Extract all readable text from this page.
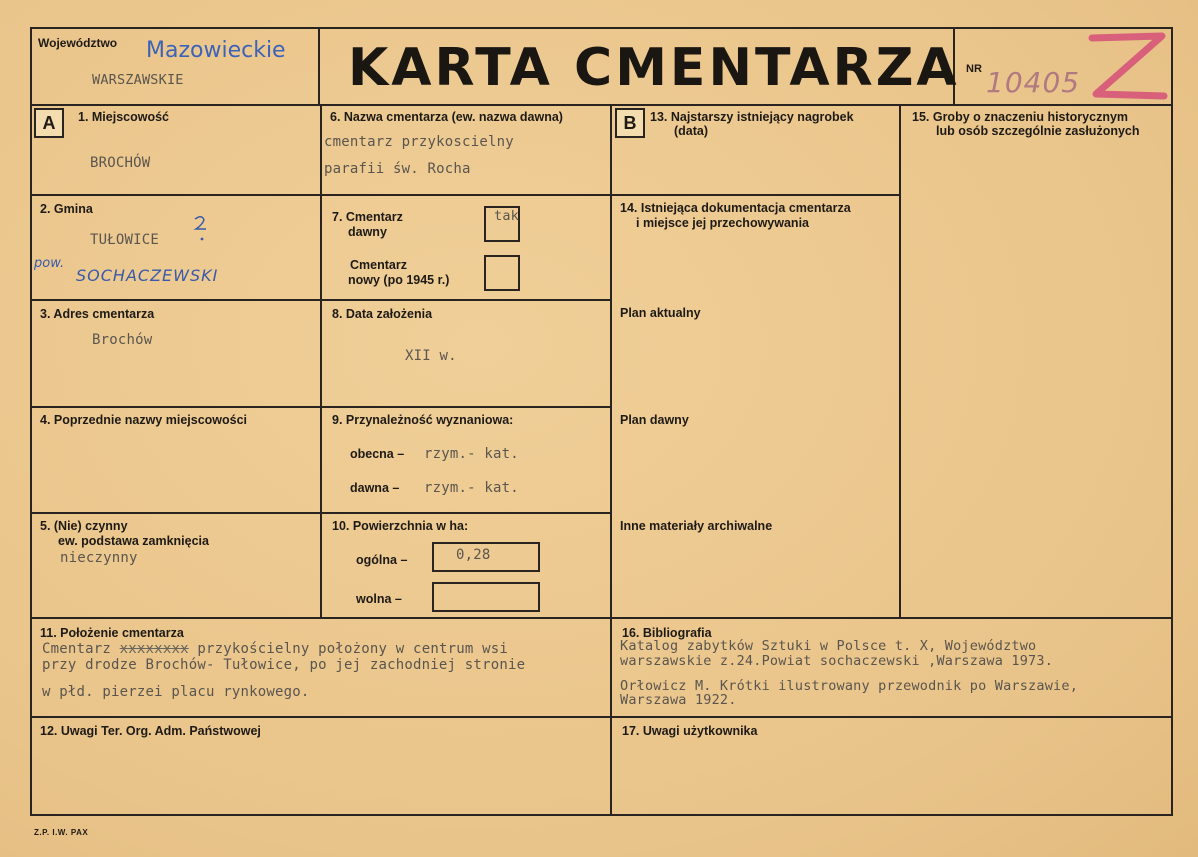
Województwo Mazowieckie
WARSZAWSKIE	KARTA CMENTARZA NR 10405
A	B
1. Miejscowość
BROCHÓW
2. Gmina
TUŁOWICE
pow.
SOCHACZEWSKI
3. Adres cmentarza
Brochów
4. Poprzednie nazwy miejscowości
5. (Nie) czynny
ew. podstawa zamknięcia
nieczynny
6. Nazwa cmentarza (ew. nazwa dawna)
cmentarz przykoscielny
parafii św. Rocha
7. Cmentarz
dawny
tak
Cmentarz
nowy (po 1945 r.)
8. Data założenia
XII w.
9. Przynależność wyznaniowa:
obecna – rzym.- kat.
dawna – rzym.- kat.
10. Powierzchnia w ha:
ogólna –	0,28
wolna –
11. Położenie cmentarza
Cmentarz xxxxxxxx przykościelny położony w centrum wsi
przy drodze Brochów- Tułowice, po jej zachodniej stronie
w płd. pierzei placu rynkowego.
12. Uwagi Ter. Org. Adm. Państwowej
13. Najstarszy istniejący nagrobek
(data)
14. Istniejąca dokumentacja cmentarza
i miejsce jej przechowywania
Plan aktualny
Plan dawny
Inne materiały archiwalne
15. Groby o znaczeniu historycznym
lub osób szczególnie zasłużonych
16. Bibliografia
Katalog zabytków Sztuki w Polsce t. X, Województwo
warszawskie z.24.Powiat sochaczewski ,Warszawa 1973.
Orłowicz M. Krótki ilustrowany przewodnik po Warszawie,
Warszawa 1922.
17. Uwagi użytkownika
Z.P. I.W. PAX
